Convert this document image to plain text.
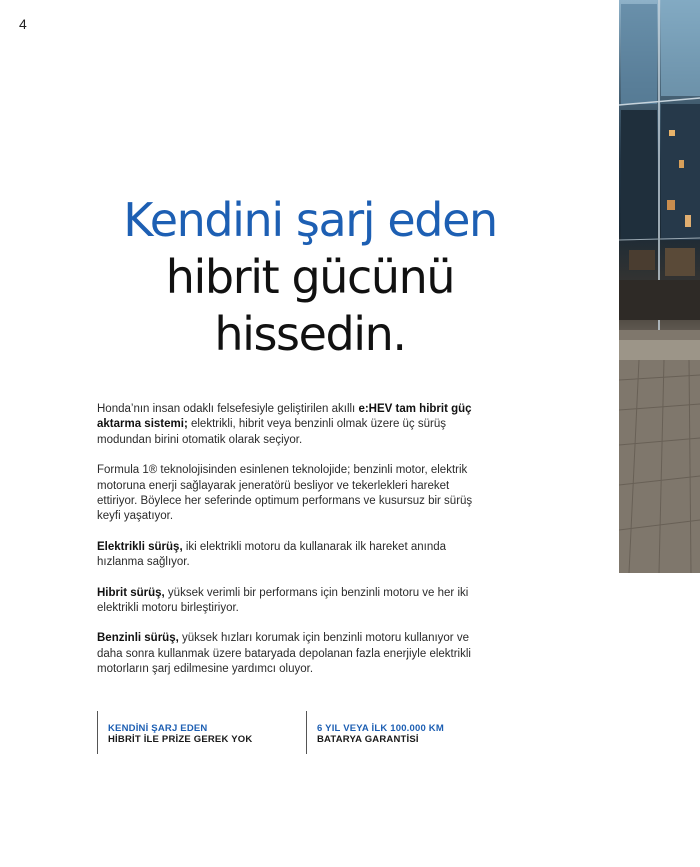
4
Kendini şarj eden
hibrit gücünü
hissedin.

Honda’nın insan odaklı felsefesiyle geliştirilen akıllı e:HEV tam hibrit güç aktarma sistemi; elektrikli, hibrit veya benzinli olmak üzere üç sürüş modundan birini otomatik olarak seçiyor.

Formula 1® teknolojisinden esinlenen teknolojide; benzinli motor, elektrik motoruna enerji sağlayarak jeneratörü besliyor ve tekerlekleri hareket ettiriyor. Böylece her seferinde optimum performans ve kusursuz bir sürüş keyfi yaşatıyor.

Elektrikli sürüş, iki elektrikli motoru da kullanarak ilk hareket anında hızlanma sağlıyor.

Hibrit sürüş, yüksek verimli bir performans için benzinli motoru ve her iki elektrikli motoru birleştiriyor.

Benzinli sürüş, yüksek hızları korumak için benzinli motoru kullanıyor ve daha sonra kullanmak üzere bataryada depolanan fazla enerjiyle elektrikli motorların şarj edilmesine yardımcı oluyor.

KENDİNİ ŞARJ EDEN
HİBRİT İLE PRİZE GEREK YOK
6 YIL VEYA İLK 100.000 KM
BATARYA GARANTİSİ
